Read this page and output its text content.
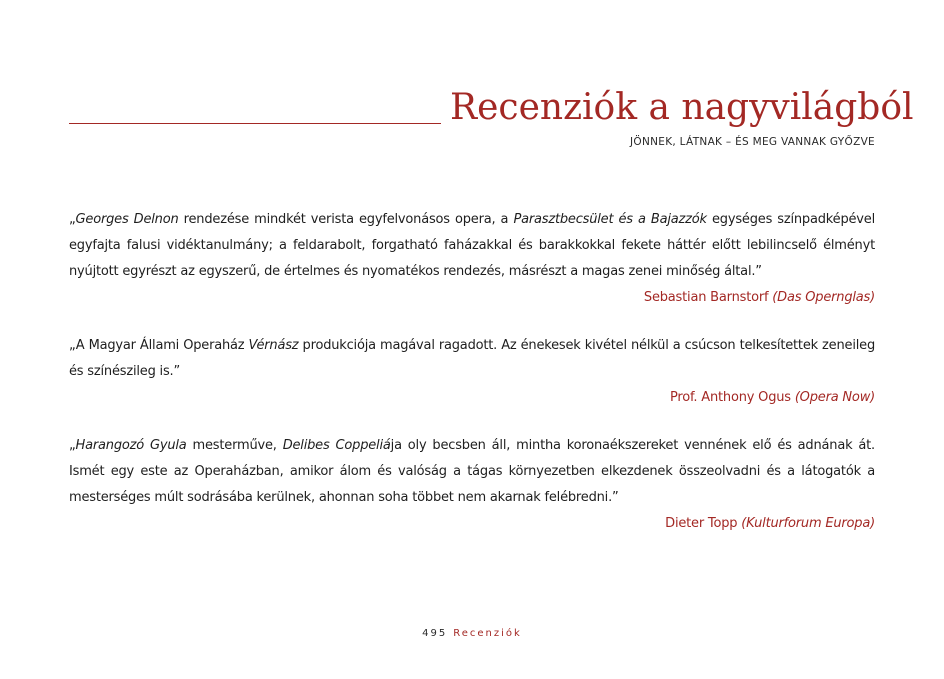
Recenziók a nagyvilágból
JÖNNEK, LÁTNAK – ÉS MEG VANNAK GYŐZVE

„Georges Delnon rendezése mindkét verista egyfelvonásos opera, a Parasztbecsület és a Bajazzók egységes színpadképével egyfajta falusi vidéktanulmány; a feldarabolt, forgatható faházakkal és barakkokkal fekete háttér előtt lebilincselő élményt nyújtott egyrészt az egyszerű, de értelmes és nyomatékos rendezés, másrészt a magas zenei minőség által.”

Sebastian Barnstorf (Das Opernglas)

„A Magyar Állami Operaház Vérnász produkciója magával ragadott. Az énekesek kivétel nélkül a csúcson telkesítettek zeneileg és színészileg is.”

Prof. Anthony Ogus (Opera Now)

„Harangozó Gyula mesterműve, Delibes Coppeliája oly becsben áll, mintha koronaékszereket vennének elő és adnának át. Ismét egy este az Operaházban, amikor álom és valóság a tágas környezetben elkezdenek összeolvadni és a látogatók a mesterséges múlt sodrásába kerülnek, ahonnan soha többet nem akarnak felébredni.”

Dieter Topp (Kulturforum Europa)
495 Recenziók
